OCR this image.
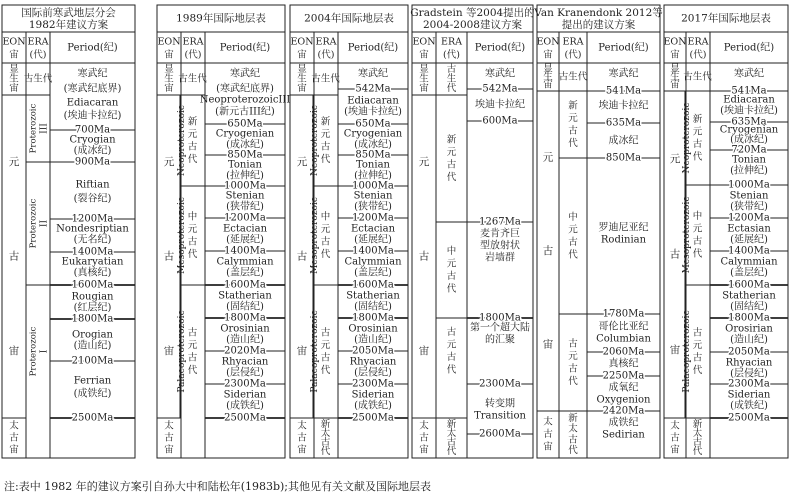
国际前寒武地层分会
1982年建议方案
EON
宙
ERA
(代)
Period(纪)
显
生
宙
元
古
宙
太
古
宙
古生代
Proterozoic III
Proterozoic II
Proterozoic I
寒武纪
(寒武纪底界)
Ediacaran
(埃迪卡拉纪)
700Ma
Cryogian
(成冰纪)
900Ma
Riftian
(裂谷纪)
1200Ma
Nondesriptian
(无名纪)
1400Ma
Eukaryatian
(真核纪)
1600Ma
Rougian
(红层纪)
1800Ma
Orogian
(造山纪)
2100Ma
Ferrian
(成铁纪)
2500Ma
1989年国际地层表
EON
宙
ERA
(代)
Period(纪)
显
生
宙
元
古
宙
太
古
宙
Neoproterozoic
Mesoproterozoic
Palaeoproterozoic
古生代
新
元
古
代
中
元
古
代
古
元
古
代
寒武纪
(寒武纪底界)
NeoproterozoicIII
(新元古III纪)
650Ma
Cryogenian
(成冰纪)
850Ma
Tonian
(拉伸纪)
1000Ma
Stenian
(狭带纪)
1200Ma
Ectacian
(延展纪)
1400Ma
Calymmian
(盖层纪)
1600Ma
Statherian
(固结纪)
1800Ma
Orosinian
(造山纪)
2020Ma
Rhyacian
(层侵纪)
2300Ma
Siderian
(成铁纪)
2500Ma
2004年国际地层表
EON
宙
ERA
(代)
Period(纪)
显
生
宙
元
古
宙
太
古
宙
Neoproterozoic
Mesoproterozoic
Palaeoproterozoic
古生代
新
元
古
代
中
元
古
代
古
元
古
代
新
太
古
代
寒武纪
542Ma
Ediacaran
(埃迪卡拉纪)
650Ma
Cryogenian
(成冰纪)
850Ma
Tonian
(拉伸纪)
1000Ma
Stenian
(狭带纪)
1200Ma
Ectacian
(延展纪)
1400Ma
Calymmian
(盖层纪)
1600Ma
Statherian
(固结纪)
1800Ma
Orosinian
(造山纪)
2050Ma
Rhyacian
(层侵纪)
2300Ma
Siderian
(成铁纪)
2500Ma
Gradstein 等2004提出的
2004-2008建议方案
EON
宙
ERA
(代)
Period(纪)
显
生
宙
元
古
宙
太
古
宙
古
生
代
新
元
古
代
中
元
古
代
古
元
古
代
新
太
古
代
寒武纪
542Ma
埃迪卡拉纪
600Ma
1267Ma
麦肯齐巨
型放射状
岩墙群
1800Ma
第一个超大陆
的汇聚
2300Ma
转变期
Transition
2600Ma
Van Kranendonk 2012等
提出的建议方案
EON
宙
ERA
(代)
Period(纪)
显
生
宙
元
古
宙
太
古
宙
古生代
新
元
古
代
中
元
古
代
古
元
古
代
新
太
古
代
寒武纪
541Ma
埃迪卡拉纪
635Ma
成冰纪
850Ma
罗迪尼亚纪
Rodinian
1780Ma
哥伦比亚纪
Columbian
2060Ma
真核纪
2250Ma
成氧纪
Oxygenion
2420Ma
成铁纪
Sedirian
2017年国际地层表
EON
宙
ERA
(代)
Period(纪)
显
生
宙
元
古
宙
太
古
宙
Neoproterozoic
Mesoproterozoic
Palaeoproterozoic
古生代
新
元
古
代
中
元
古
代
古
元
古
代
新
太
古
代
寒武纪
541Ma
Ediacaran
(埃迪卡拉纪)
635Ma
Cryogenian
(成冰纪)
720Ma
Tonian
(拉伸纪)
1000Ma
Stenian
(狭带纪)
1200Ma
Ectasian
(延展纪)
1400Ma
Calymmian
(盖层纪)
1600Ma
Statherian
(固结纪)
1800Ma
Orosirian
(造山纪)
2050Ma
Rhyacian
(层侵纪)
2300Ma
Siderian
(成铁纪)
2500Ma
注:表中 1982 年的建议方案引自孙大中和陆松年(1983b);其他见有关文献及国际地层表
